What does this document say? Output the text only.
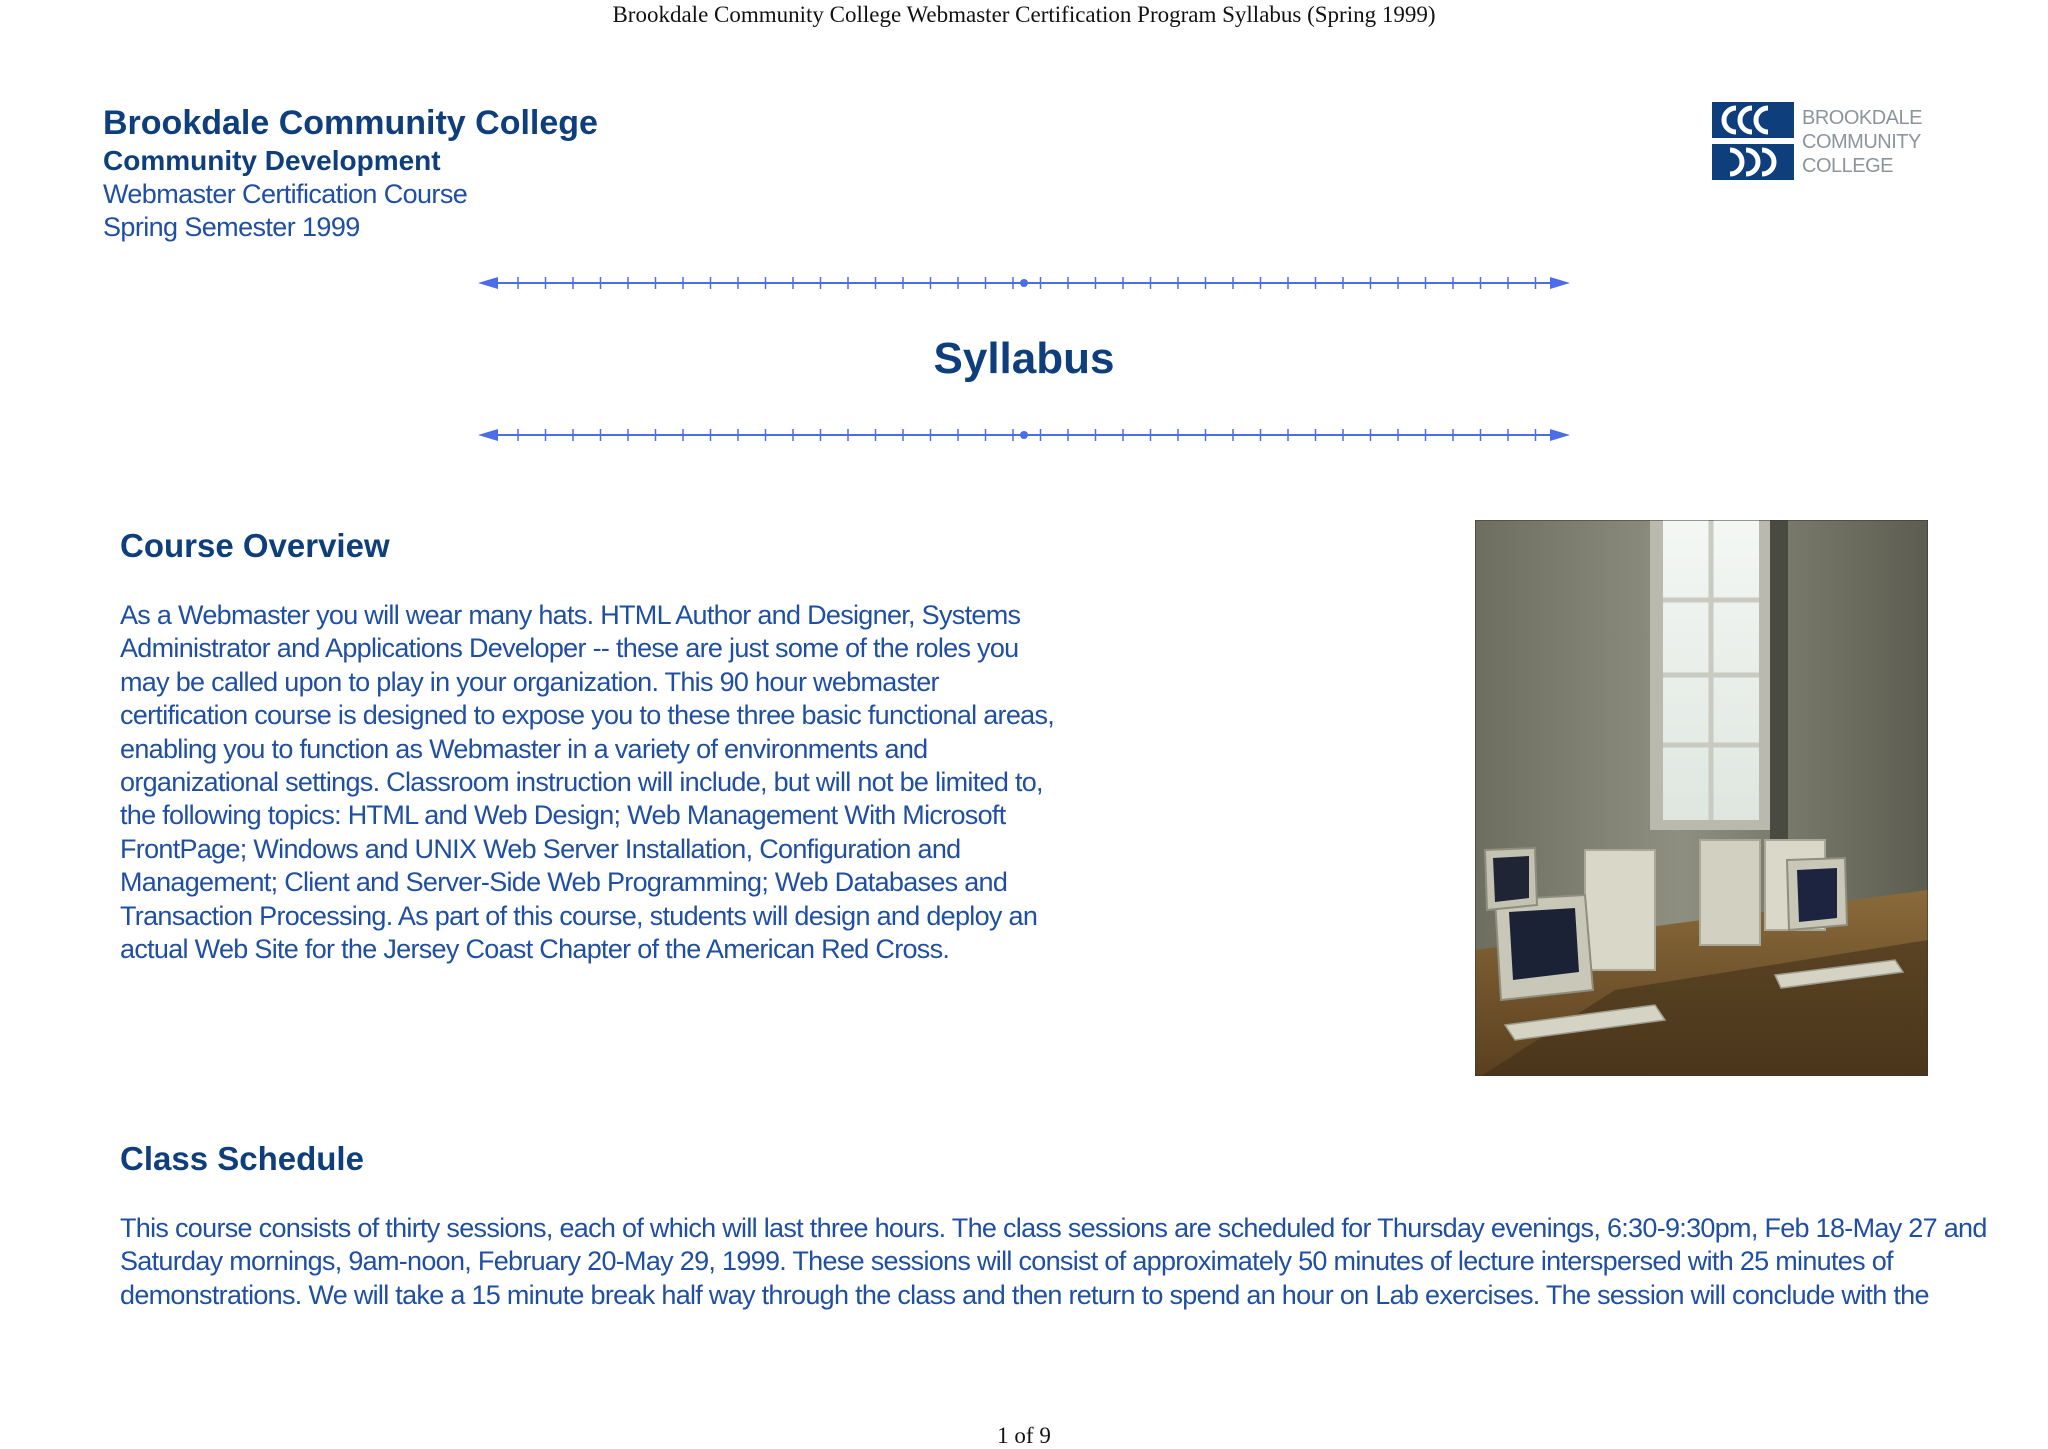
Brookdale Community College Webmaster Certification Program Syllabus (Spring 1999)
Brookdale Community College
Community Development
Webmaster Certification Course
Spring Semester 1999
BROOKDALE
COMMUNITY
COLLEGE
Syllabus
Course Overview

As a Webmaster you will wear many hats. HTML Author and Designer, Systems
Administrator and Applications Developer -- these are just some of the roles you
may be called upon to play in your organization. This 90 hour webmaster
certification course is designed to expose you to these three basic functional areas,
enabling you to function as Webmaster in a variety of environments and
organizational settings. Classroom instruction will include, but will not be limited to,
the following topics: HTML and Web Design; Web Management With Microsoft
FrontPage; Windows and UNIX Web Server Installation, Configuration and
Management; Client and Server-Side Web Programming; Web Databases and
Transaction Processing. As part of this course, students will design and deploy an
actual Web Site for the Jersey Coast Chapter of the American Red Cross.

Class Schedule

This course consists of thirty sessions, each of which will last three hours. The class sessions are scheduled for Thursday evenings, 6:30-9:30pm, Feb 18-May 27 and
Saturday mornings, 9am-noon, February 20-May 29, 1999. These sessions will consist of approximately 50 minutes of lecture interspersed with 25 minutes of
demonstrations. We will take a 15 minute break half way through the class and then return to spend an hour on Lab exercises. The session will conclude with the

1 of 9
